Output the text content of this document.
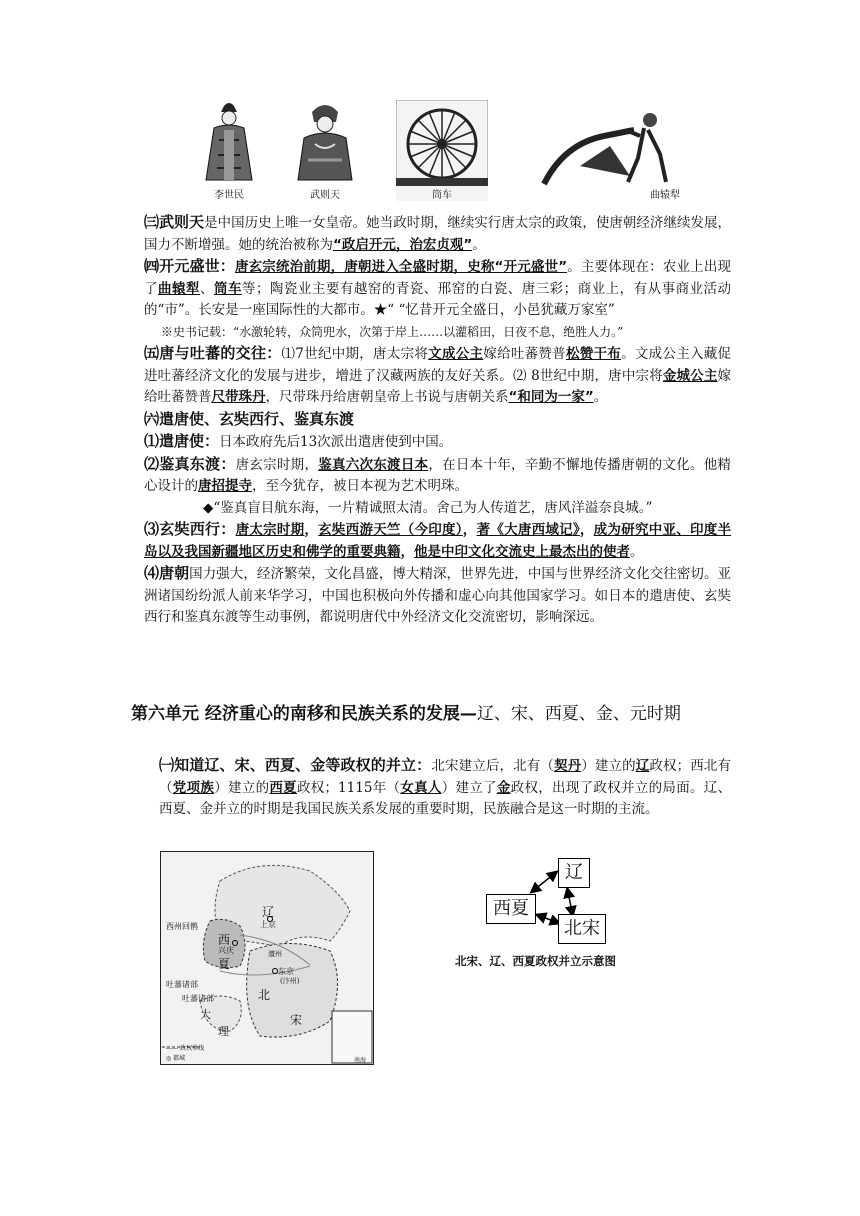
李世民	武则天	筒车	曲辕犁

㈢武则天是中国历史上唯一女皇帝。她当政时期，继续实行唐太宗的政策，使唐朝经济继续发展，国力不断增强。她的统治被称为“政启开元，治宏贞观”。

㈣开元盛世：唐玄宗统治前期，唐朝进入全盛时期，史称“开元盛世”。主要体现在：农业上出现了曲辕犁、筒车等；陶瓷业主要有越窑的青瓷、邢窑的白瓷、唐三彩；商业上，有从事商业活动的“市”。长安是一座国际性的大都市。★“ “忆昔开元全盛日，小邑犹藏万家室”

※史书记载：“水激轮转，众筒兜水，次第于岸上……以灌稻田，日夜不息，绝胜人力。”

㈤唐与吐蕃的交往：⑴7世纪中期，唐太宗将文成公主嫁给吐蕃赞普松赞干布。文成公主入藏促进吐蕃经济文化的发展与进步，增进了汉藏两族的友好关系。⑵ 8世纪中期，唐中宗将金城公主嫁给吐蕃赞普尺带珠丹，尺带珠丹给唐朝皇帝上书说与唐朝关系“和同为一家”。

㈥遣唐使、玄奘西行、鉴真东渡

⑴遣唐使：日本政府先后13次派出遣唐使到中国。

⑵鉴真东渡：唐玄宗时期，鉴真六次东渡日本，在日本十年，辛勤不懈地传播唐朝的文化。他精心设计的唐招提寺，至今犹存，被日本视为艺术明珠。

◆“鉴真盲目航东海，一片精诚照太清。舍己为人传道艺，唐风洋溢奈良城。”

⑶玄奘西行：唐太宗时期，玄奘西游天竺（今印度），著《大唐西域记》，成为研究中亚、印度半岛以及我国新疆地区历史和佛学的重要典籍，他是中印文化交流史上最杰出的使者。

⑷唐朝国力强大，经济繁荣，文化昌盛，博大精深，世界先进，中国与世界经济文化交往密切。亚洲诸国纷纷派人前来华学习，中国也积极向外传播和虚心向其他国家学习。如日本的遣唐使、玄奘西行和鉴真东渡等生动事例，都说明唐代中外经济文化交流密切，影响深远。

第六单元 经济重心的南移和民族关系的发展—辽、宋、西夏、金、元时期

㈠知道辽、宋、西夏、金等政权的并立：北宋建立后，北有（契丹）建立的辽政权；西北有（党项族）建立的西夏政权；1115年（女真人）建立了金政权，出现了政权并立的局面。辽、西夏、金并立的时期是我国民族关系发展的重要时期，民族融合是这一时期的主流。

辽
西
夏
北
宋
大
理
上京
兴庆
东京
(汴州)
澶州
西州回鹘
吐蕃诸部
吐蕃诸部
------ 政权界线
◎ 都城	南海
辽
西夏
北宋
北宋、辽、西夏政权并立示意图
